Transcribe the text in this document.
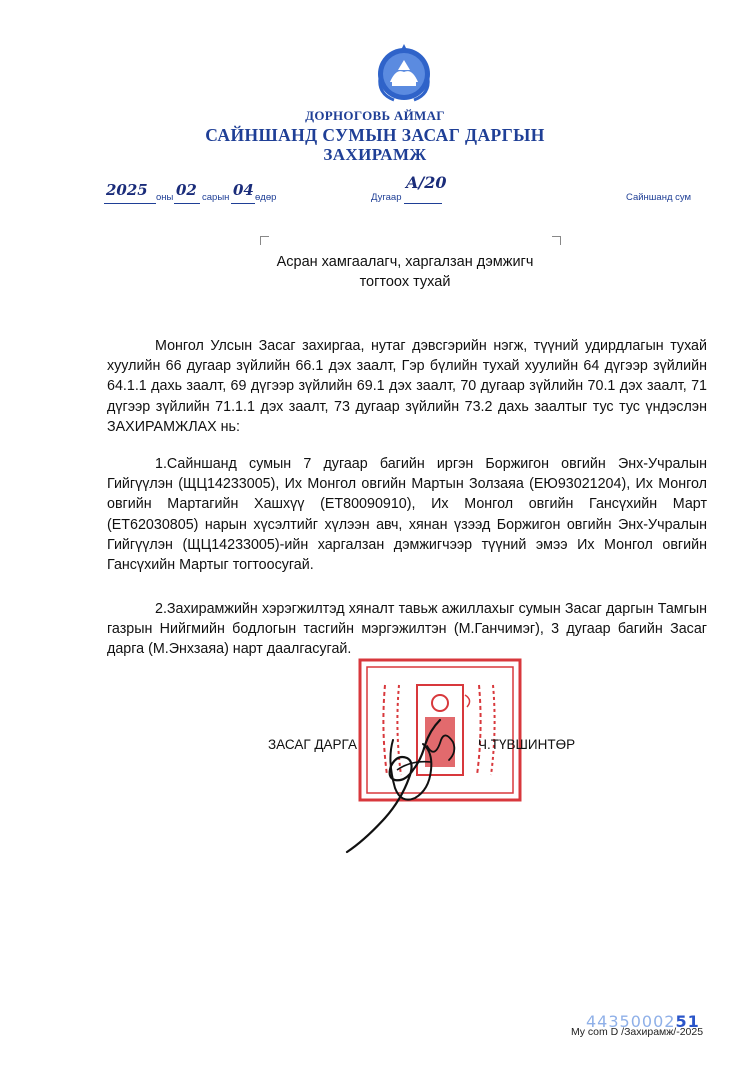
ДОРНОГОВЬ АЙМАГ
САЙНШАНД СУМЫН ЗАСАГ ДАРГЫН
ЗАХИРАМЖ
2025 оны 02 сарын 04 өдөр	Дугаар
A/20
Сайншанд сум
Асран хамгаалагч, харгалзан дэмжигч
тогтоох тухай
Монгол Улсын Засаг захиргаа, нутаг дэвсгэрийн нэгж, түүний удирдлагын тухай хуулийн 66 дугаар зүйлийн 66.1 дэх заалт, Гэр бүлийн тухай хуулийн 64 дүгээр зүйлийн 64.1.1 дахь заалт, 69 дүгээр зүйлийн 69.1 дэх заалт, 70 дугаар зүйлийн 70.1 дэх заалт, 71 дүгээр зүйлийн 71.1.1 дэх заалт, 73 дугаар зүйлийн 73.2 дахь заалтыг тус тус үндэслэн ЗАХИРАМЖЛАХ нь:
1.Сайншанд сумын 7 дугаар багийн иргэн Боржигон овгийн Энх-Учралын Гийгүүлэн (ЩЦ14233005), Их Монгол овгийн Мартын Золзаяа (ЕЮ93021204), Их Монгол овгийн Мартагийн Хашхүү (ЕТ80090910), Их Монгол овгийн Гансүхийн Март (ЕТ62030805) нарын хүсэлтийг хүлээн авч, хянан үзээд Боржигон овгийн Энх-Учралын Гийгүүлэн (ЩЦ14233005)-ийн харгалзан дэмжигчээр түүний эмээ Их Монгол овгийн Гансүхийн Мартыг тогтоосугай.
2.Захирамжийн хэрэгжилтэд хяналт тавьж ажиллахыг сумын Засаг даргын Тамгын газрын Нийгмийн бодлогын тасгийн мэргэжилтэн (М.Ганчимэг), 3 дугаар багийн Засаг дарга (М.Энхзаяа) нарт даалгасугай.
ЗАСАГ ДАРГА	Ч.ТҮВШИНТӨР
4435000251
My com D /Захирамж/-2025
